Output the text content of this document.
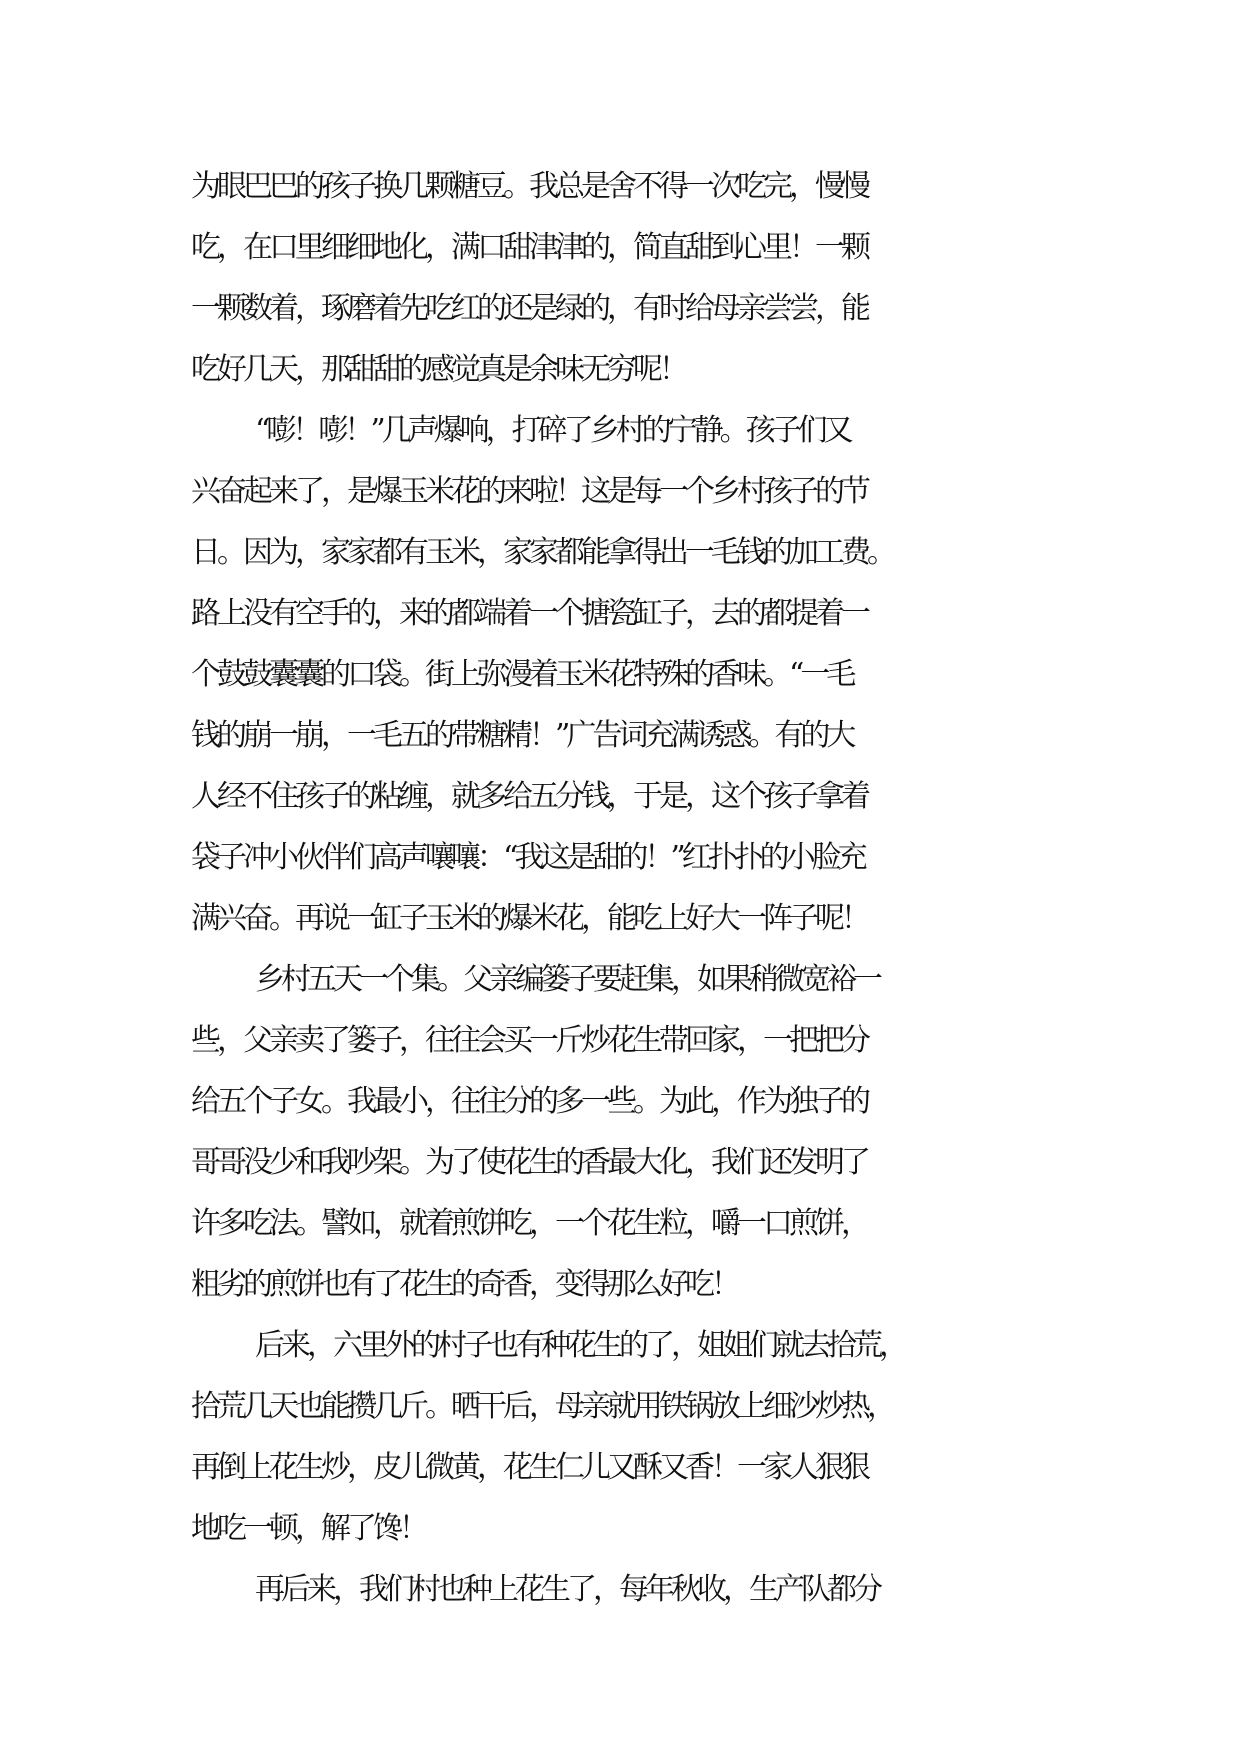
为眼巴巴的孩子换几颗糖豆。我总是舍不得一次吃完，慢慢
吃，在口里细细地化，满口甜津津的，简直甜到心里！一颗
一颗数着，琢磨着先吃红的还是绿的，有时给母亲尝尝，能
吃好几天，那甜甜的感觉真是余味无穷呢！
“嘭！嘭！”几声爆响，打碎了乡村的宁静。孩子们又
兴奋起来了，是爆玉米花的来啦！这是每一个乡村孩子的节
日。因为，家家都有玉米，家家都能拿得出一毛钱的加工费。
路上没有空手的，来的都端着一个搪瓷缸子，去的都提着一
个鼓鼓囊囊的口袋。街上弥漫着玉米花特殊的香味。“一毛
钱的崩一崩，一毛五的带糖精！”广告词充满诱惑。有的大
人经不住孩子的粘缠，就多给五分钱，于是，这个孩子拿着
袋子冲小伙伴们高声嚷嚷：“我这是甜的！”红扑扑的小脸充
满兴奋。再说一缸子玉米的爆米花，能吃上好大一阵子呢！
乡村五天一个集。父亲编篓子要赶集，如果稍微宽裕一
些，父亲卖了篓子，往往会买一斤炒花生带回家，一把把分
给五个子女。我最小，往往分的多一些。为此，作为独子的
哥哥没少和我吵架。为了使花生的香最大化，我们还发明了
许多吃法。譬如，就着煎饼吃，一个花生粒，嚼一口煎饼，
粗劣的煎饼也有了花生的奇香，变得那么好吃！
后来，六里外的村子也有种花生的了，姐姐们就去拾荒，
拾荒几天也能攒几斤。晒干后，母亲就用铁锅放上细沙炒热，
再倒上花生炒，皮儿微黄，花生仁儿又酥又香！一家人狠狠
地吃一顿，解了馋！
再后来，我们村也种上花生了，每年秋收，生产队都分
